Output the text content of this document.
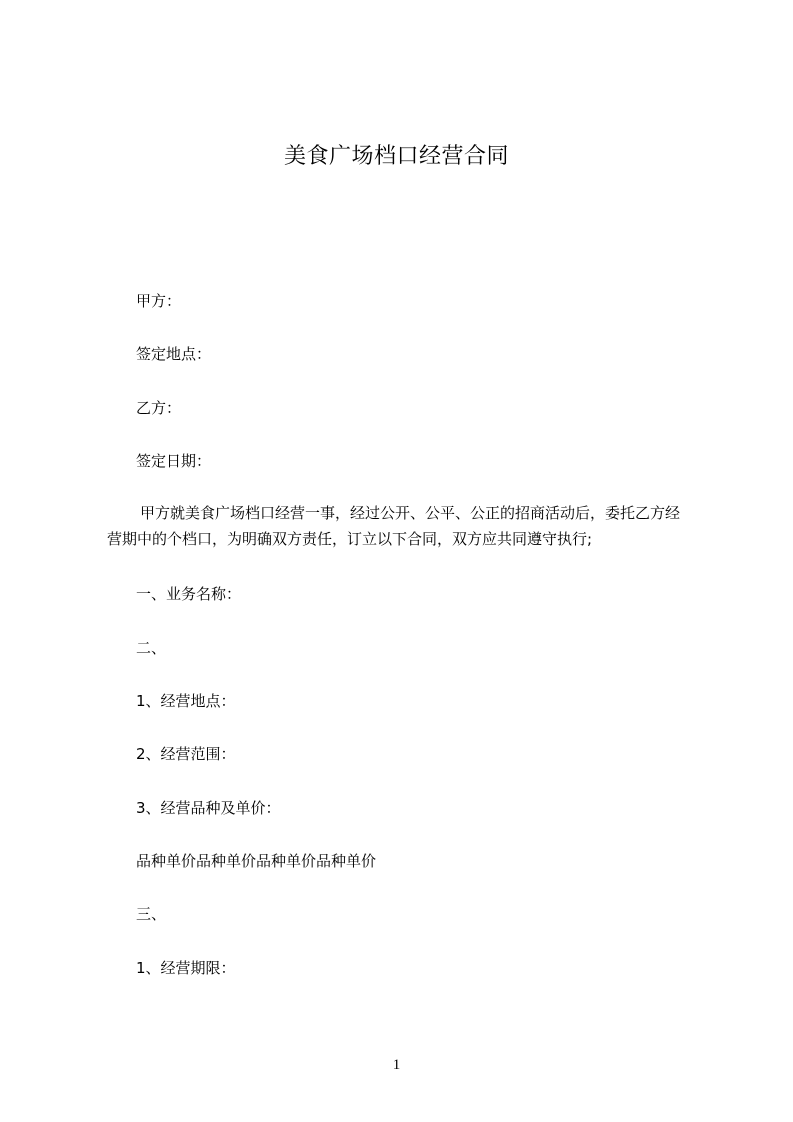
美食广场档口经营合同
甲方：
签定地点：
乙方：
签定日期：
甲方就美食广场档口经营一事，经过公开、公平、公正的招商活动后，委托乙方经营期中的个档口，为明确双方责任，订立以下合同，双方应共同遵守执行;
一、业务名称：
二、
1、经营地点：
2、经营范围：
3、经营品种及单价：
品种单价品种单价品种单价品种单价
三、
1、经营期限：
1
